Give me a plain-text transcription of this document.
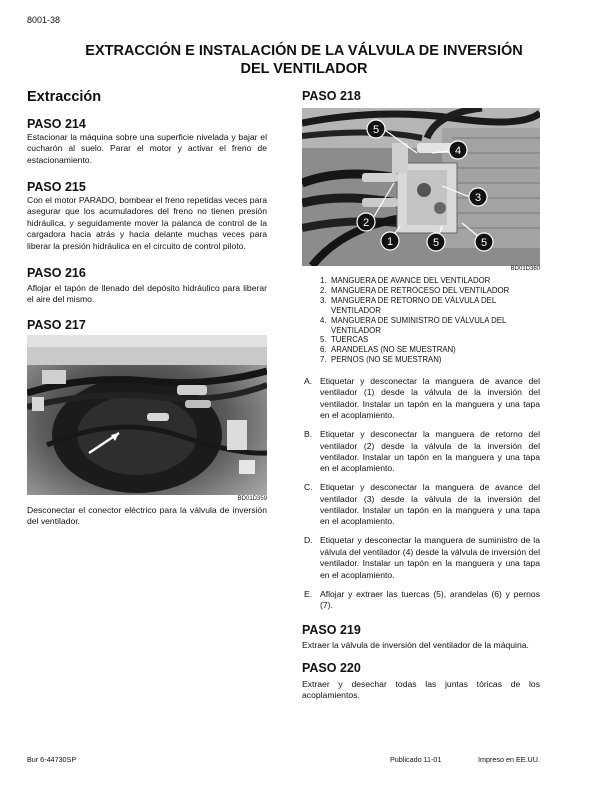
8001-38
EXTRACCIÓN E INSTALACIÓN DE LA VÁLVULA DE INVERSIÓN
DEL VENTILADOR
Extracción
PASO 214
Estacionar la máquina sobre una superficie nivelada y bajar el cucharón al suelo. Parar el motor y activar el freno de estacionamiento.
PASO 215
Con el motor PARADO, bombear el freno repetidas veces para asegurar que los acumuladores del freno no tienen presión hidráulica, y seguidamente mover la palanca de control de la cargadora hacia atrás y hacia delante muchas veces para liberar la presión hidráulica en el circuito de control piloto.
PASO 216
Aflojar el tapón de llenado del depósito hidráulico para liberar el aire del mismo.
PASO 217
BD01D359
Desconectar el conector eléctrico para la válvula de inversión del ventilador.
PASO 218
5
4
3
2
1	5	5
BD01D360
1. MANGUERA DE AVANCE DEL VENTILADOR
2. MANGUERA DE RETROCESO DEL VENTILADOR
3. MANGUERA DE RETORNO DE VÁLVULA DEL VENTILADOR
4. MANGUERA DE SUMINISTRO DE VÁLVULA DEL VENTILADOR
5. TUERCAS
6. ARANDELAS (NO SE MUESTRAN)
7. PERNOS (NO SE MUESTRAN)
A. Etiquetar y desconectar la manguera de avance del ventilador (1) desde la válvula de la inversión del ventilador. Instalar un tapón en la manguera y una tapa en el acoplamiento.
B. Etiquetar y desconectar la manguera de retorno del ventilador (2) desde la válvula de la inversión del ventilador. Instalar un tapón en la manguera y una tapa en el acoplamiento.
C. Etiquetar y desconectar la manguera de avance del ventilador (3) desde la válvula de la inversión del ventilador. Instalar un tapón en la manguera y una tapa en el acoplamiento.
D. Etiquetar y desconectar la manguera de suministro de la válvula del ventilador (4) desde la válvula de inversión del ventilador. Instalar un tapón en la manguera y una tapa en el acoplamiento.
E. Aflojar y extraer las tuercas (5), arandelas (6) y pernos (7).
PASO 219
Extraer la válvula de inversión del ventilador de la máquina.
PASO 220
Extraer y desechar todas las juntas tóricas de los acoplamientos.
Bur 6-44730SP	Publicado 11-01	Impreso en EE.UU.
